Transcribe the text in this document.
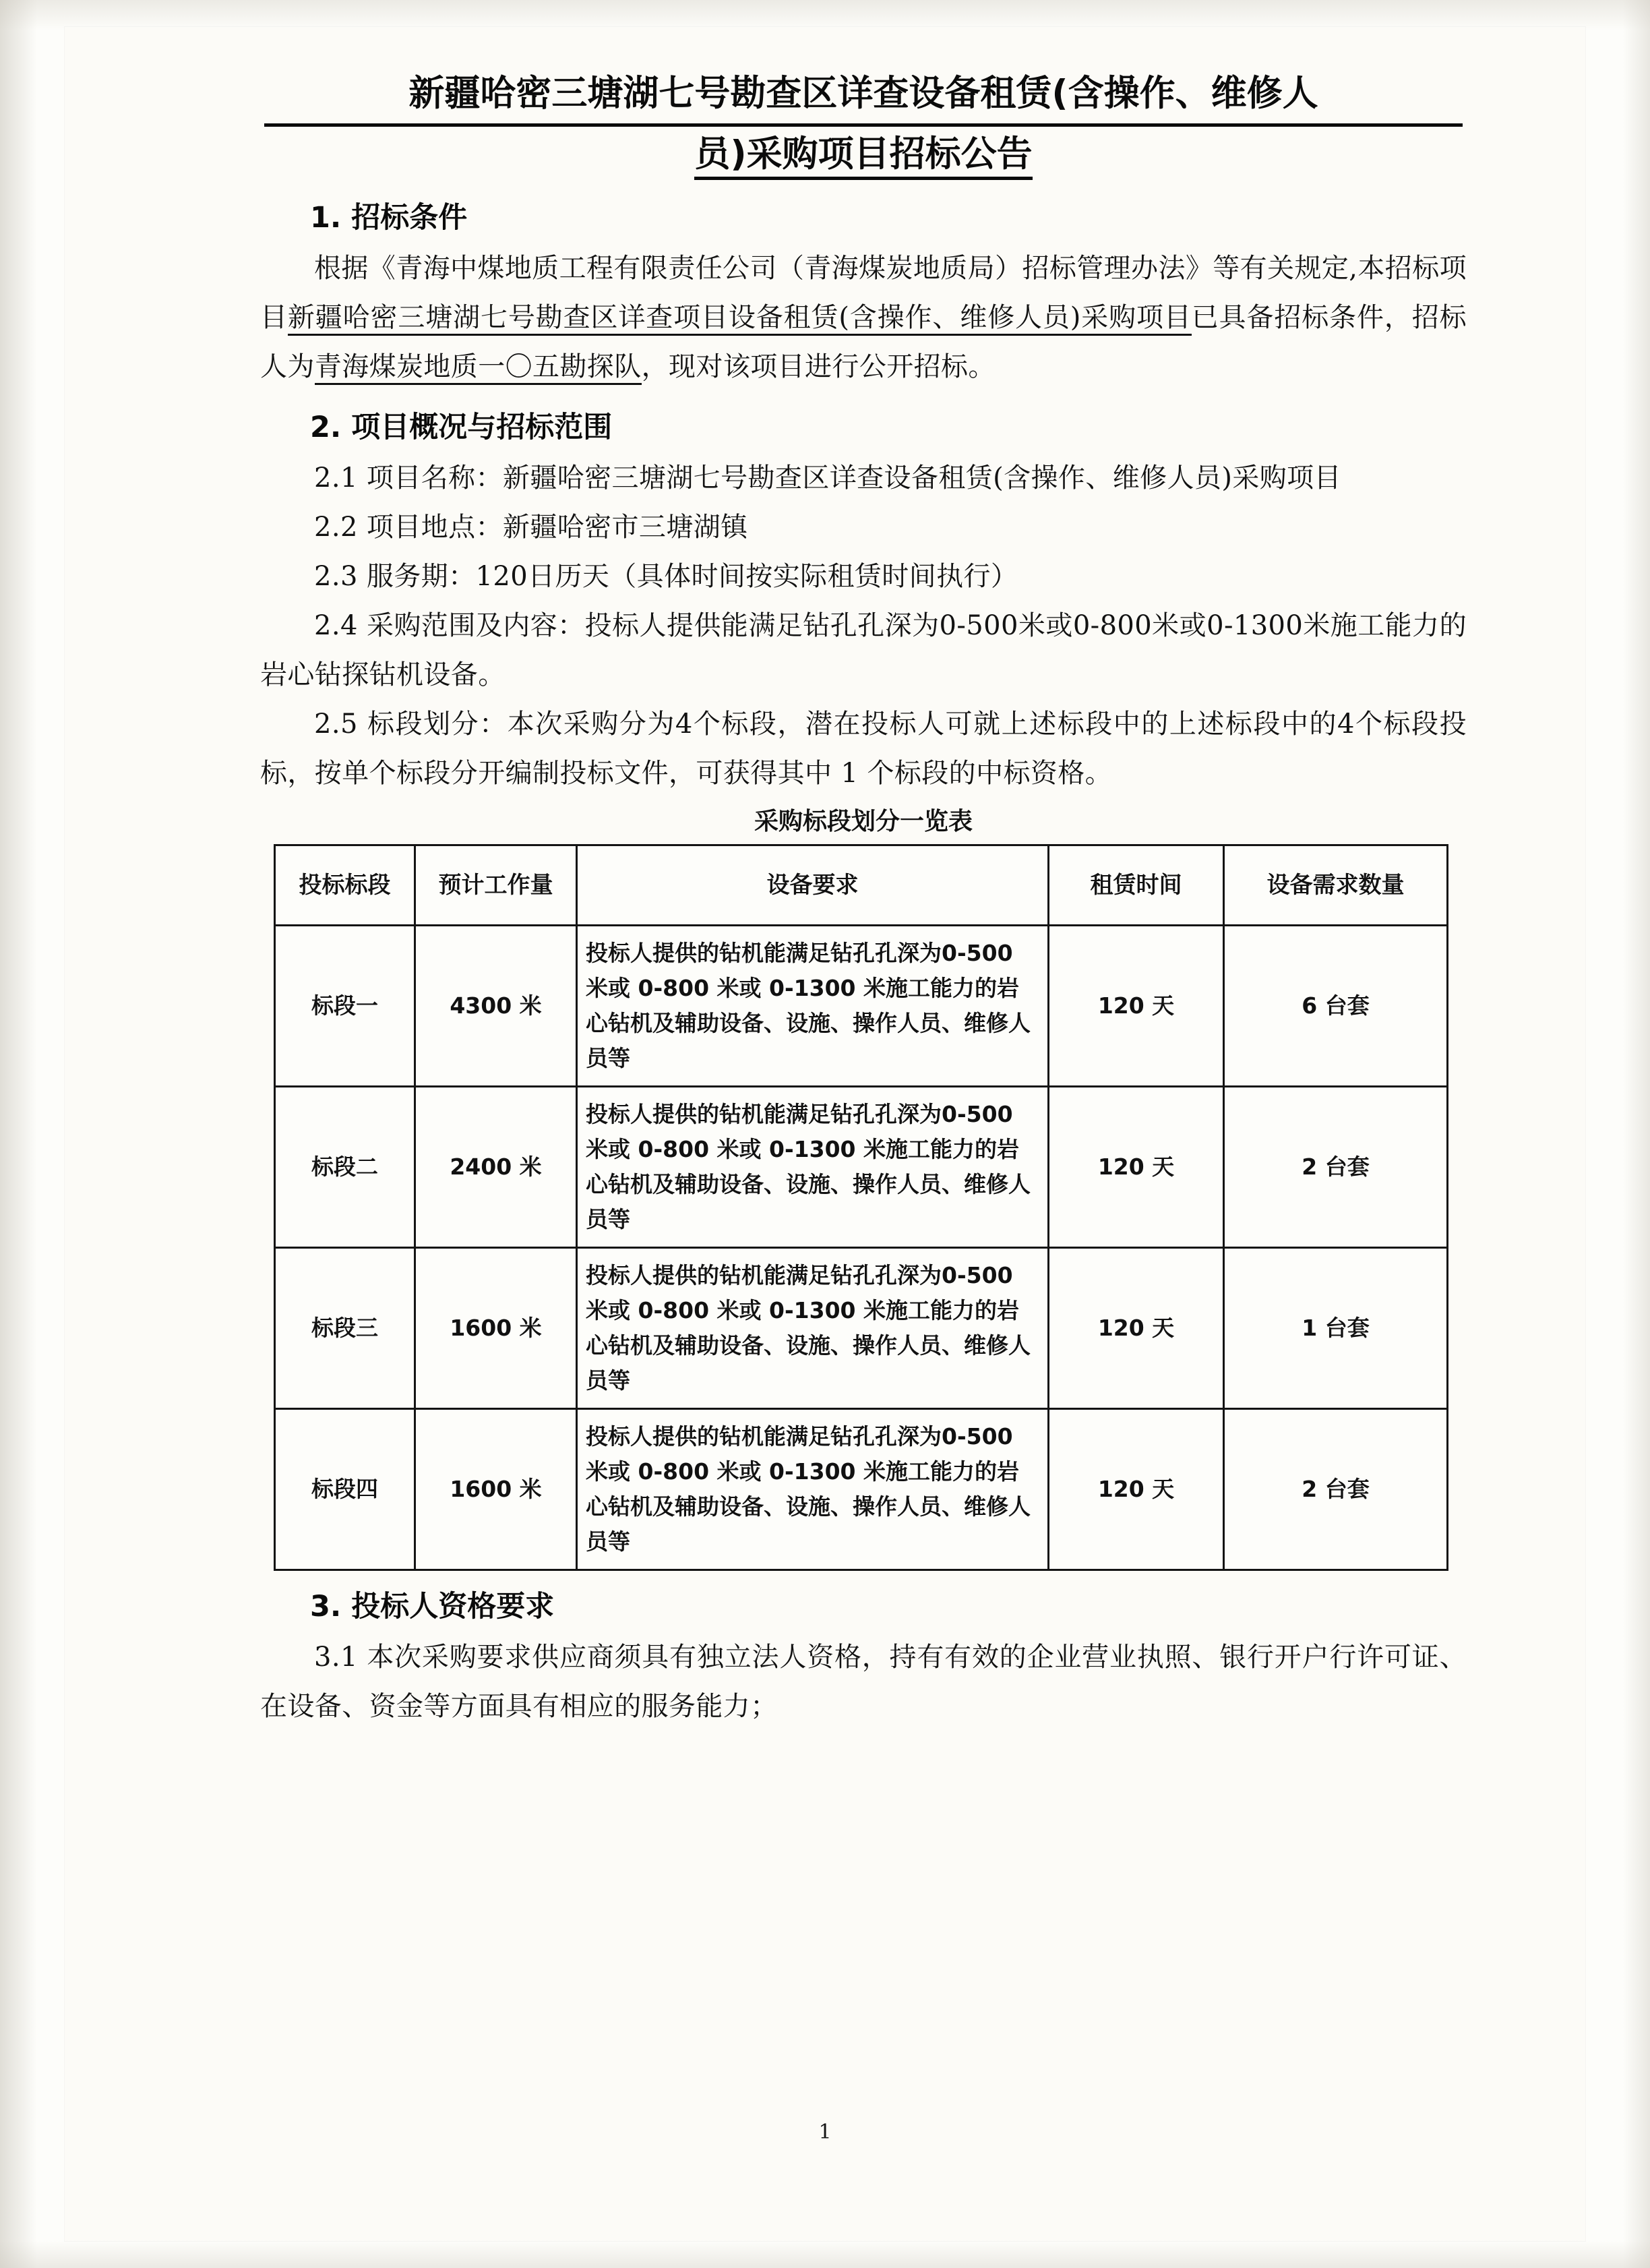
新疆哈密三塘湖七号勘查区详查设备租赁(含操作、维修人
员)采购项目招标公告
1. 招标条件

根据《青海中煤地质工程有限责任公司（青海煤炭地质局）招标管理办法》等有关规定,本招标项目新疆哈密三塘湖七号勘查区详查项目设备租赁(含操作、维修人员)采购项目已具备招标条件，招标人为青海煤炭地质一〇五勘探队，现对该项目进行公开招标。

2. 项目概况与招标范围

2.1 项目名称：新疆哈密三塘湖七号勘查区详查设备租赁(含操作、维修人员)采购项目

2.2 项目地点：新疆哈密市三塘湖镇

2.3 服务期：120日历天（具体时间按实际租赁时间执行）

2.4 采购范围及内容：投标人提供能满足钻孔孔深为0-500米或0-800米或0-1300米施工能力的岩心钻探钻机设备。

2.5 标段划分：本次采购分为4个标段，潜在投标人可就上述标段中的上述标段中的4个标段投标，按单个标段分开编制投标文件，可获得其中 1 个标段的中标资格。

采购标段划分一览表
投标标段	预计工作量	设备要求	租赁时间	设备需求数量
标段一	4300 米	投标人提供的钻机能满足钻孔孔深为0-500 米或 0-800 米或 0-1300 米施工能力的岩心钻机及辅助设备、设施、操作人员、维修人员等	120 天	6 台套
标段二	2400 米	投标人提供的钻机能满足钻孔孔深为0-500 米或 0-800 米或 0-1300 米施工能力的岩心钻机及辅助设备、设施、操作人员、维修人员等	120 天	2 台套
标段三	1600 米	投标人提供的钻机能满足钻孔孔深为0-500 米或 0-800 米或 0-1300 米施工能力的岩心钻机及辅助设备、设施、操作人员、维修人员等	120 天	1 台套
标段四	1600 米	投标人提供的钻机能满足钻孔孔深为0-500 米或 0-800 米或 0-1300 米施工能力的岩心钻机及辅助设备、设施、操作人员、维修人员等	120 天	2 台套
3. 投标人资格要求

3.1 本次采购要求供应商须具有独立法人资格，持有有效的企业营业执照、银行开户行许可证、在设备、资金等方面具有相应的服务能力；

1
